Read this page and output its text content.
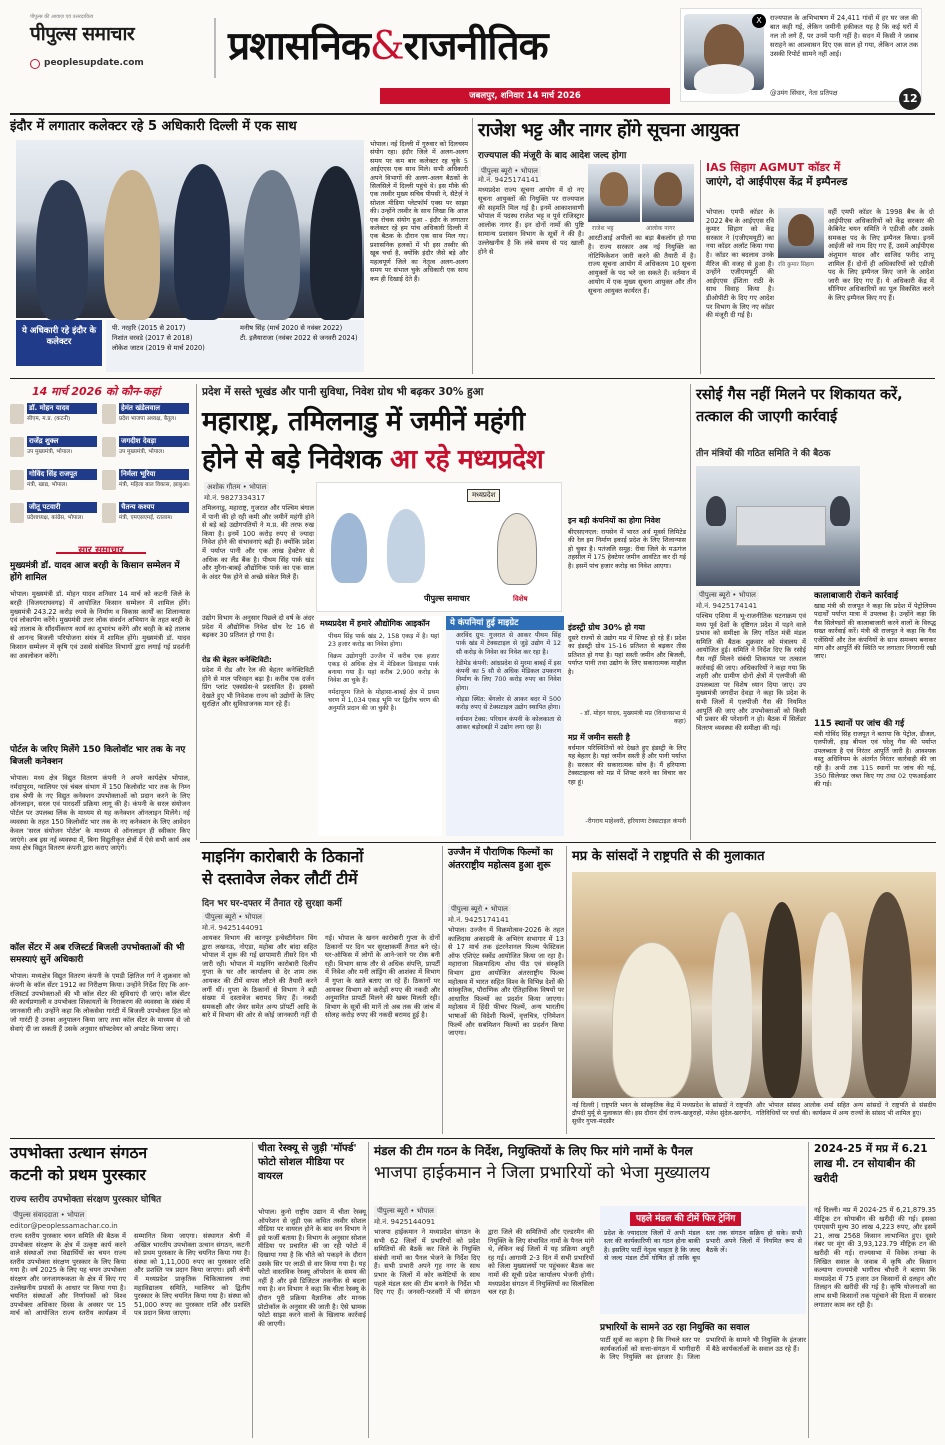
पीपुल्स की आवाज़ एवं उत्तरदायित्व
पीपुल्स समाचार
peoplesupdate.com प्रशासनिक&राजनीतिक
जबलपुर, शनिवार 14 मार्च 2026
X	राज्यपाल के अभिभाषण में 24,411 गांवों में हर घर जल की बात कही गई, लेकिन जमीनी हकीकत यह है कि कई घरों में नल तो लगे हैं, पर उनमें पानी नहीं है। सदन में किसी ने जवाब सराहने का आश्वासन दिए एक साल हो गया, लेकिन आज तक उसकी रिपोर्ट सामने नहीं आई।
@उमंग सिंघार, नेता प्रतिपक्ष	12
इंदौर में लगातार कलेक्टर रहे 5 अधिकारी दिल्ली में एक साथ
भोपाल। नई दिल्ली में गुरुवार को दिलचस्प संयोग रहा। इंदौर जिले में अलग-अलग समय पर कम बार कलेक्टर रह चुके 5 आईएएस एक साथ मिले। सभी अधिकारी अपने विभागों की अलग-अलग बैठकों के सिलसिले में दिल्ली पहुंचे थे। इस मौके की एक तस्वीर मुख्य सचिव पीपसी ने, सैटेर्ज़ ने सोशल मीडिया प्लेटफॉर्म एक्स पर साझा की। उन्होंने तस्वीर के साथ लिखा कि आज एक रोचक संयोग हुआ - इंदौर के लगातार कलेक्टर रहे हम पांच अधिकारी दिल्ली में एक बैठक के दौरान एक साथ मिल गए। प्रशासनिक हलकों में भी इस तस्वीर की खूब चर्चा है, क्योंकि इंदौर जैसे बड़े और महत्वपूर्ण जिले का नेतृत्व अलग-अलग समय पर संभाल चुके अधिकारी एक साथ कम ही दिखाई देते हैं।
ये अधिकारी रहे इंदौर के कलेक्टर
पी. नरहरि (2015 से 2017)
निशांत वरवडे (2017 से 2018)
लोकेश जाटव (2019 से मार्च 2020)
मनीष सिंह (मार्च 2020 से नवंबर 2022)
टी. इलैयाराजा (नवंबर 2022 से जनवरी 2024)
राजेश भट्ट और नागर होंगे सूचना आयुक्त
राज्यपाल की मंजूरी के बाद आदेश जल्द होगा
पीपुल्स ब्यूरो • भोपाल
मो.नं. 9425174141
मध्यप्रदेश राज्य सूचना आयोग में दो नए सूचना आयुक्तों की नियुक्ति पर राज्यपाल की सहमति मिल गई है। इनमें आकाशवाणी भोपाल में पदस्थ राजेश भट्ट व पूर्व राजिस्ट्रार आलोक नागर हैं। इन दोनों नामों की पुष्टि सामान्य प्रशासन विभाग के सूत्रों ने की है। उल्लेखनीय है कि लंबे समय से पद खाली होने से
राजेश भट्ट	आलोक नागर
आरटीआई अपीलों का बड़ा बैकलॉग हो गया है। राज्य सरकार अब नई नियुक्ति का नोटिफिकेशन जारी करने की तैयारी में है। राज्य सूचना आयोग में अधिकतम 10 सूचना आयुक्तों के पद भरे जा सकते हैं। वर्तमान में आयोग में एक मुख्य सूचना आयुक्त और तीन सूचना आयुक्त कार्यरत हैं।
IAS सिहाग AGMUT कॉडर में
जाएंगे, दो आईपीएस केंद्र में इम्पैनल्ड
भोपाल। एमपी कॉडर के 2022 बैच के आईएएस रवि कुमार सिहाग को केंद्र सरकार ने (एजीएमयूटी) का नया कॉडर अलॉट किया गया है। कॉडर का बदलाव उनके मैरिज की वजह से हुआ है। उन्होंने एजीएमयूटी की आईएएस ईशिता राठी के साथ विवाह किया है। डीओपीटी के दिए गए आदेश पर विभाग के लिए नए कॉडर की मंजूरी दी गई है।
रवि कुमार सिहाग
वहीं एमपी कॉडर के 1998 बैच के दो आईपीएस अधिकारियों को केंद्र सरकार की केबिनेट चयन समिति ने एडीजी और उसके समकक्ष पद के लिए इम्पैनल किया। इनमें आईजी को नाम दिए गए हैं, उसमें आईपीएस अंशुमान यादव और साजिद फरीद शापू शामिल हैं। दोनों ही अधिकारियों को एडीजी पद के लिए इम्पैनल किए जाने के आदेश जारी कर दिए गए हैं। ये अधिकारी केंद्र में सीनियर अधिकारियों का पूल विकसित करने के लिए इम्पैनल किए गए हैं।
14 मार्च 2026 को कौन-कहां
डॉ. मोहन यादव
सीएम, म.प्र. (कटनी)
हेमंत खंडेलवाल
प्रदेश भाजपा अध्यक्ष, बैतूल।
राजेंद्र शुक्ल
उप मुख्यमंत्री, भोपाल।
जगदीश देवड़ा
उप मुख्यमंत्री, भोपाल।
गोविंद सिंह राजपूत
मंत्री, खाद्य, भोपाल।
निर्मला भूरिया
मंत्री, महिला बाल विकास, झाबुआ।
जीतू पटवारी
प्रदेशाध्यक्ष, कांग्रेस, भोपाल।
चैतन्य कश्यप
मंत्री, एमएसएमई, रतलाम।
सार समाचार
मुख्यमंत्री डॉ. यादव आज बरही के किसान सम्मेलन में होंगे शामिल
भोपाल। मुख्यमंत्री डॉ. मोहन यादव शनिवार 14 मार्च को कटनी जिले के बरही (विजयराघवगढ़) में आयोजित किसान सम्मेलन में शामिल होंगे। मुख्यमंत्री 243.22 करोड़ रुपये के निर्माण व विकास कार्यों का शिलान्यास एवं लोकार्पण करेंगे। मुख्यमंत्री उत्तर लोक संवर्धन अभियान के तहत बरही के बड़े तालाब के सौंदर्यीकरण कार्य का शुभारंभ करेंगे और बरही के बड़े तालाब से आनन्द बिजली परियोजना संयंत्र में शामिल होंगे। मुख्यमंत्री डॉ. यादव किसान सम्मेलन में कृषि एवं उससे संबंधित विभागों द्वारा लगाई गई प्रदर्शनी का अवलोकन करेंगे।
पोर्टल के जरिए मिलेंगे 150 किलोवॉट भार तक के नए बिजली कनेक्शन
भोपाल। मध्य क्षेत्र विद्युत वितरण कंपनी ने अपने कार्यक्षेत्र भोपाल, नर्मदापुरम, ग्वालियर एवं चंबल संभाग में 150 किलोवॉट भार तक के निम्न दाब श्रेणी के नए विद्युत कनेक्शन उपभोक्ताओं को प्रदान करने के लिए ऑनलाइन, सरल एवं पारदर्शी प्रक्रिया लागू की है। कंपनी के सरल संयोजन पोर्टल पर उपलब्ध लिंक के माध्यम से यह कनेक्शन ऑनलाइन मिलेंगे। नई व्यवस्था के तहत 150 किलोवॉट भार तक के नए कनेक्शन के लिए आवेदन केवल 'सरल संयोजन पोर्टल' के माध्यम से ऑनलाइन ही स्वीकार किए जाएंगे। अब इस नई व्यवस्था में, बिना विद्युतीकृत क्षेत्रों में ऐसे सभी कार्य अब मध्य क्षेत्र विद्युत वितरण कंपनी द्वारा कराए जाएंगे।
कॉल सेंटर में अब रजिस्टर्ड बिजली उपभोक्ताओं की भी समस्याएं सुनें अधिकारी
भोपाल। मध्यक्षेत्र विद्युत वितरण कंपनी के एमडी क्षितिज गर्ग ने शुक्रवार को कंपनी के कॉल सेंटर 1912 का निरीक्षण किया। उन्होंने निर्देश दिए कि अन-रजिस्टर्ड उपभोक्ताओं की भी कॉल सेंटर की सुविधाएं दी जाएं। कॉल सेंटर की कार्यप्रणाली व उपभोक्ता शिकायतों के निराकरण की व्यवस्था के संबंध में जानकारी ली। उन्होंने कहा कि लोकसेवा गारंटी में बिजली उपभोक्ता हित को जो गारंटी है उनका अनुपालन किया जाए तथा कॉल सेंटर के माध्यम से जो सेवाएं दी जा सकती हैं उसके अनुसार सॉफ्टवेयर को अपडेट किया जाए।
प्रदेश में सस्ते भूखंड और पानी सुविधा, निवेश ग्रोथ भी बढ़कर 30% हुआ
महाराष्ट्र, तमिलनाडु में जमीनें महंगी
होने से बड़े निवेशक आ रहे मध्यप्रदेश
अशोक गौतम • भोपाल
मो.नं. 9827334317
तमिलनाडु, महाराष्ट्र, गुजरात और पश्चिम बंगाल में पानी की हो रही कमी और जमीनें महंगी होने से बड़े बड़े उद्योगपतियों ने म.प्र. की तरफ रुख किया है। इनमें 100 करोड़ रुपए से ज्यादा निवेश होने की संभावनाएं बढ़ी हैं। क्योंकि प्रदेश में पर्याप्त पानी और एक लाख हेक्टेयर से अधिक का लैंड बैंक है। पीथम सिंह पार्क खंड और मुरैना-बाबई औद्योगिक पार्क का एक साल के अंदर पैक होने से अच्छे संकेत मिले हैं।
मध्यप्रदेश
पीपुल्स समाचार	विशेष
उद्योग विभाग के अनुसार पिछले दो वर्ष के अंदर प्रदेश में औद्योगिक निवेश ग्रोथ रेट 16 से बढ़कर 30 प्रतिशत हो गया है।
रोड की बेहतर कनेक्टिविटी:
प्रदेश में रोड और रेल की बेहतर कनेक्टिविटी होने से माल परिवहन बढ़ा है। करीब एक दर्जन प्रिंग प्लांट एक्सप्रेस-वे प्रस्तावित हैं। इसको देखते हुए भी निवेशक राज्य को उद्योगों के लिए सुरक्षित और सुविधाजनक मान रहे हैं।
मध्यप्रदेश में हमारे औद्योगिक आइकॉन
पीथम सिंह पार्क खंड 2, 158 एकड़ में है। यहां 23 हजार करोड़ का निवेश होगा।
विक्रम उद्योगपुरी उज्जैन में करीब एक हजार एकड़ से अधिक क्षेत्र में मेडिकल डिवाइस पार्क बनाया गया है। यहां करीब 2,900 करोड़ के निवेश आ चुके हैं।
नर्मदापुरम जिले के मोहासा-बाबई क्षेत्र में प्रथम चरण में 1,034 एकड़ भूमि पर द्वितीय चरण की अनुमति प्रदान की जा चुकी है।
ये कंपनियां हुई माइग्रेट
अरविंद ग्रुप: गुजरात से आकर पीथम सिंह पार्क खंड में टेक्सटाइल से जुड़े उद्योग में 12 सौ करोड़ के निवेश का निवेश कर रहा है।
रेडीमेड कंपनी: आंध्रप्रदेश से मुरमा बाबई में इस कंपनी का 5 सौ से अधिक मेडिकल उपकरण निर्माण के लिए 700 करोड़ रुपए का निवेश होगा।
नोइडा स्थित: बेंगलोर से आकर बदर में 500 करोड़ रुपए से टेक्सटाइल उद्योग स्थापित होगा।
वर्धमान टेक्स: परिधान कंपनी के कोलकाता से आकर बड़ोदबड़ी में उद्योग लगा रहा है।
इन बड़ी कंपनियों का होगा निवेश
बीएसएनएल: रायसेन में भारत अर्थ मूवर्स लिमिटेड की रेल इम निर्माण इकाई प्रदेश के लिए शिलान्यास हो चुका है। पतंजलि समूह: रीवा जिले के मऊगंज तहसील में 175 हेक्टेयर जमीन आवंटित कर दी गई है। इसमें पांच हजार करोड़ का निवेश आएगा।
इंडस्ट्री ग्रोथ 30% हो गया
दूसरे राज्यों से उद्योग मप्र में शिफ्ट हो रहे हैं। प्रदेश का इंडस्ट्री ग्रोथ 15-16 प्रतिशत से बढ़कर तीस प्रतिशत हो गया है। यहां सस्ती जमीन और बिजली, पर्याप्त पानी तथा उद्योग के लिए सकारात्मक माहौल है।
- डॉ. मोहन यादव, मुख्यमंत्री मप्र (विधानसभा में कहा)
मप्र में जमीन सस्ती है
वर्धमान परिस्थितियों को देखते हुए इंडस्ट्री के लिए यह बेहतर है। यहां जमीन सस्ती है और पानी पर्याप्त है। सरकार की सकारात्मक सोच है। मैं हरियाणा टेक्सटाइल्स को मप्र में शिफ्ट करने का विचार कर रहा हूं।
-रीगराय माहेश्वरी, हरियाणा टेक्सटाइल कंपनी
रसोई गैस नहीं मिलने पर शिकायत करें, तत्काल की जाएगी कार्रवाई
तीन मंत्रियों की गठित समिति ने की बैठक
पीपुल्स ब्यूरो • भोपाल
मो.नं. 9425174141
पश्चिम एशिया में भू-राजनीतिक घटनाक्रम एवं मध्य पूर्व देशों के दृष्टिगत प्रदेश में पड़ने वाले प्रभाव को समीक्षा के लिए गठित मंत्री मंडल समिति की बैठक शुक्रवार को मंत्रालय में आयोजित हुई। समिति ने निर्देश दिए कि रसोई गैस नहीं मिलने संबंधी शिकायत पर तत्काल कार्रवाई की जाए। अधिकारियों ने कहा गया कि शहरी और ग्रामीण दोनों क्षेत्रों में एलपीजी की उपलब्धता पर विशेष ध्यान दिया जाए। उप मुख्यमंत्री जगदीश देवड़ा ने कहा कि प्रदेश के सभी जिलों में एलपीजी गैस की नियमित आपूर्ति की जाए और उपभोक्ताओं को किसी भी प्रकार की परेशानी न हो। बैठक में सिलेंडर वितरण व्यवस्था की समीक्षा की गई।
कालाबाजारी रोकने कार्रवाई
खाद्य मंत्री श्री राजपूत ने कहा कि प्रदेश में पेट्रोलियम पदार्थों पर्याप्त मात्रा में उपलब्ध है। उन्होंने कहा कि गैस सिलेण्डरों की कालाबाजारी करने वालों के विरुद्ध सख्त कार्रवाई करें। मंत्री श्री राजपूत ने कहा कि गैस एजेंसियों और तेल कंपनियों के साथ समन्वय बनाकर मांग और आपूर्ति की स्थिति पर लगातार निगरानी रखी जाए।
115 स्थानों पर जांच की गई
मंत्री गोविंद सिंह राजपूत ने बताया कि पेट्रोल, डीजल, एलपीजी, हाइ बीपल एवं घरेलू गैस की पर्याप्त उपलब्धता है एवं निरंतर आपूर्ति जारी है। आवश्यक वस्तु अधिनियम के अंतर्गत निरंतर कार्रवाही की जा रही है। अभी तक 115 स्थानों पर जांच की गई, 350 सिलेण्डर जब्त किए गए तथा 02 एफआईआर की गई।
माइनिंग कारोबारी के ठिकानों
से दस्तावेज लेकर लौटीं टीमें
दिन भर घर-दफ्तर में तैनात रहे सुरक्षा कर्मी
पीपुल्स ब्यूरो • भोपाल
मो.नं. 9425144091
आयकर विभाग की कानपुर इन्वेस्टीगेशन विंग द्वारा लखनऊ, नोएडा, महोबा और बांदा सहित भोपाल में शुरू की गई छापामारी तीसरे दिन भी जारी रही। भोपाल में माइनिंग कारोबारी दिलीप गुप्ता के घर और कार्यालय से देर शाम तक आयकर की टीमें वापस लौटने की तैयारी करने लगीं थीं। गुप्ता के ठिकानों से विभाग ने बड़ी संख्या में दस्तावेज बरामद किए हैं। नकदी समकक्षी और जेवर समेत अन्य प्रॉपर्टी आदि के बारे में विभाग की ओर से कोई जानकारी नहीं दी गई। भोपाल के खनन कारोबारी गुप्ता के दोनों ठिकानों पर दिन भर सुरक्षाकर्मी तैनात बने रहे। घर-ऑफिस में लोगों के आने-जाने पर रोक बनी रही। विभाग साफ तौर से अधिक संपत्ति, प्रापर्टी में निवेश और मनी लांड्रिंग की आशंका में विभाग में गुप्ता के खाते बताए जा रहे हैं। ठिकानों पर आयकर विभाग को करोड़ों रुपए की नकदी और अनुमानित प्रापर्टी मिलने की खबर मिलती रही। विभाग के सूत्रों की मानें तो अब तक की जांच में सोलह करोड़ रुपए की नकदी बरामद हुई है।
उज्जैन में पौराणिक फिल्मों का अंतरराष्ट्रीय महोत्सव हुआ शुरू
पीपुल्स ब्यूरो • भोपाल
मो.नं. 9425174141
भोपाल। उज्जैन में विक्रमोत्सव-2026 के तहत कालिदास अकादमी के अभिरंग सभागार में 13 से 17 मार्च तक इंटरनेशनल फिल्म फेस्टिवल ऑफ एशिएंट स्क्वेंड आयोजित किया जा रहा है। महाराजा विक्रमादित्य शोध पीठ एवं संस्कृति विभाग द्वारा आयोजित अंतरराष्ट्रीय फिल्म महोत्सव में भारत सहित विश्व के विभिन्न देशों की सांस्कृतिक, पौराणिक और ऐतिहासिक विषयों पर आधारित फिल्मों का प्रदर्शन किया जाएगा। महोत्सव में हिंदी फीचर फिल्में, अन्य भारतीय भाषाओं की विदेशी फिल्में, वृत्तचित्र, एनिमेशन फिल्में और सबमिशन फिल्मों का प्रदर्शन किया जाएगा।
मप्र के सांसदों ने राष्ट्रपति से की मुलाकात
नई दिल्ली | राष्ट्रपति भवन के सांस्कृतिक केंद्र में मध्यप्रदेश के सांसदों ने राष्ट्रपति द्रौपदी मुर्मू से मुलाकात की। इस दौरान दीर्घ राज्य-खजुराहो, मंजेश सुंदेल-खरगोन, सुधीर गुप्ता-मंदसौर
और भोपाल सांसद आलोक शर्मा सहित अन्य सांसदों ने राष्ट्रपति से संसदीय गतिविधियों पर चर्चा की। कार्यक्रम में अन्य राज्यों के सांसद भी शामिल हुए।
उपभोक्ता उत्थान संगठन
कटनी को प्रथम पुरस्कार
राज्य स्तरीय उपभोक्ता संरक्षण पुरस्कार घोषित
पीपुल्स संवाददाता • भोपाल
editor@peoplessamachar.co.in
राज्य स्तरीय पुरस्कार चयन समिति की बैठक में उपभोक्ता संरक्षण के क्षेत्र में उत्कृष्ट कार्य करने वाले संस्थाओं तथा विद्यार्थियों का चयन राज्य स्तरीय उपभोक्ता संरक्षण पुरस्कार के लिए किया गया है। वर्ष 2025 के लिए यह चयन उपभोक्ता संरक्षण और जनजागरूकता के क्षेत्र में किए गए उल्लेखनीय प्रयासों के आधार पर किया गया है। चयनित संस्थाओं और निर्णायकों को विश्व उपभोक्ता अधिकार दिवस के अवसर पर 15 मार्च को आयोजित राज्य स्तरीय कार्यक्रम में सम्मानित किया जाएगा। संस्थागत श्रेणी में अखिल भारतीय उपभोक्ता उत्थान संगठन, कटनी को प्रथम पुरस्कार के लिए चयनित किया गया है। संस्था को 1,11,000 रुपए का पुरस्कार राशि और प्रशस्ति पत्र प्रदान किया जाएगा। इसी श्रेणी में मध्यप्रदेश प्राकृतिक चिकित्सालय तथा महाविद्यालय समिति, ग्वालियर को द्वितीय पुरस्कार के लिए चयनित किया गया है। संस्था को 51,000 रुपए का पुरस्कार राशि और प्रशस्ति पत्र प्रदान किया जाएगा।
चीता रेस्क्यू से जुड़ी 'मॉर्फ्ड' फोटो सोशल मीडिया पर वायरल
भोपाल। कुनो राष्ट्रीय उद्यान में चीता रेस्क्यू ऑपरेशन से जुड़ी एक कथित तस्वीर सोशल मीडिया पर वायरल होने के बाद वन विभाग ने इसे फर्जी बताया है। विभाग के अनुसार सोशल मीडिया पर प्रचारित की जा रही फोटो में दिखाया गया है कि चीते को पकड़ने के दौरान उसके सिर पर लाठी से वार किया गया है। यह फोटो वास्तविक रेस्क्यू ऑपरेशन के समय की नहीं है और इसे डिजिटल तकनीक से बदला गया है। वन विभाग ने कहा कि चीता रेस्क्यू के दौरान पूरी प्रक्रिया वैज्ञानिक और मानक प्रोटोकॉल के अनुसार की जाती है। ऐसे भ्रामक फोटो साझा करने वालों के खिलाफ कार्रवाई की जाएगी।
मंडल की टीम गठन के निर्देश, नियुक्तियों के लिए फिर मांगे नामों के पैनल
भाजपा हाईकमान ने जिला प्रभारियों को भेजा मुख्यालय
पीपुल्स ब्यूरो • भोपाल
मो.नं. 9425144091
भाजपा हाईकमान ने मध्यप्रदेश संगठन के सभी 62 जिलों में प्रभारियों को प्रदेश समितियों की बैठकें कर जिले के नियुक्ति संबंधी नामों का पैनल भेजने के निर्देश दिए हैं। सभी प्रभारी अपने गृह नगर के साथ प्रभार के जिलों में कोर कमेटियों के साथ पहले मंडल स्तर की टीम बनाने के निर्देश भी दिए गए हैं। जनवरी-फरवरी में भी संगठन द्वारा जिले की समितियों और एल्डरमैन की नियुक्ति के लिए संभावित नामों के पैनल मांगे थे, लेकिन कई जिलों में यह प्रक्रिया अधूरी रह गई। आगामी 2-3 दिन में सभी प्रभारियों को जिला मुख्यालयों पर पहुंचकर बैठक कर नामों की सूची प्रदेश कार्यालय भेजनी होगी। मध्यप्रदेश संगठन में नियुक्तियों का सिलसिला चल रहा है।
पहले मंडल की टीमें फिर ट्रेनिंग
प्रदेश के ज्यादातर जिलों में अभी मंडल स्तर की कार्यकारिणी का गठन होना बाकी है। इसलिए पार्टी नेतृत्व चाहता है कि जल्द से जल्द मंडल टीमें घोषित हों ताकि बूथ स्तर तक संगठन सक्रिय हो सके। सभी प्रभारी अपने जिलों में नियमित रूप से बैठकें लें।
प्रभारियों के सामने उठ रहा नियुक्ति का सवाल
पार्टी सूत्रों का कहना है कि निचले स्तर पर कार्यकर्ताओं को सत्ता-संगठन में भागीदारी के लिए नियुक्ति का इंतजार है। जिला प्रभारियों के सामने भी नियुक्ति के इंतजार में बैठे कार्यकर्ताओं के सवाल उठ रहे हैं।
2024-25 में मप्र में 6.21 लाख मी. टन सोयाबीन की खरीदी
नई दिल्ली। मप्र में 2024-25 में 6,21,879.35 मीट्रिक टन सोयाबीन की खरीदी की गई। इसका एमएसपी मूल्य 30 लाख 4,223 रुपए, और इसमें 21, लाख 2568 किसान लाभान्वित हुए। दूसरे नंबर पर मूंग की 3,93,123.79 मीट्रिक टन की खरीदी की गई। राज्यसभा में विवेक तन्खा के लिखित सवाल के जवाब में कृषि और किसान कल्याण राज्यमंत्री भागीरथ चौधरी ने बताया कि मध्यप्रदेश में 75 हजार उन किसानों से दलहन और तिलहन की खरीदी की गई है। कृषि योजनाओं का लाभ सभी किसानों तक पहुंचाने की दिशा में सरकार लगातार काम कर रही है।
